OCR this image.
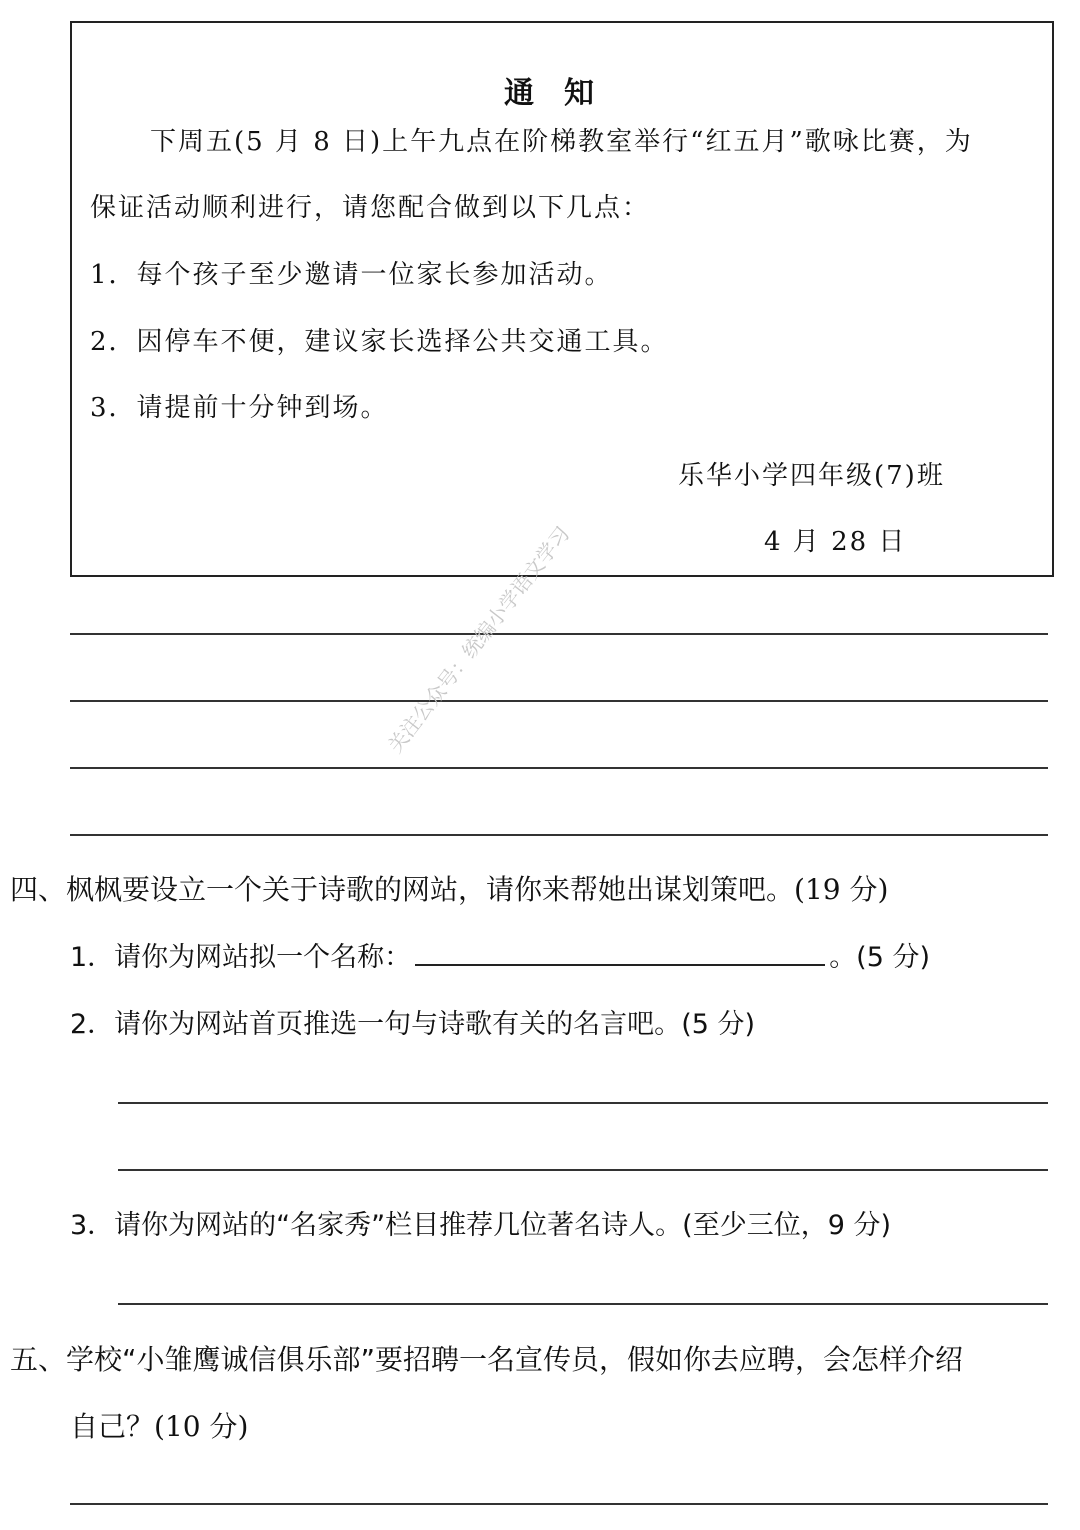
通知
下周五(5 月 8 日)上午九点在阶梯教室举行“红五月”歌咏比赛，为
保证活动顺利进行，请您配合做到以下几点：
1．每个孩子至少邀请一位家长参加活动。
2．因停车不便，建议家长选择公共交通工具。
3．请提前十分钟到场。
乐华小学四年级(7)班
4 月 28 日
关注公众号：统编小学语文学习
四、枫枫要设立一个关于诗歌的网站，请你来帮她出谋划策吧。(19 分)
1．请你为网站拟一个名称：	。(5 分)
2．请你为网站首页推选一句与诗歌有关的名言吧。(5 分)
3．请你为网站的“名家秀”栏目推荐几位著名诗人。(至少三位，9 分)
五、学校“小雏鹰诚信俱乐部”要招聘一名宣传员，假如你去应聘，会怎样介绍
自己？(10 分)
